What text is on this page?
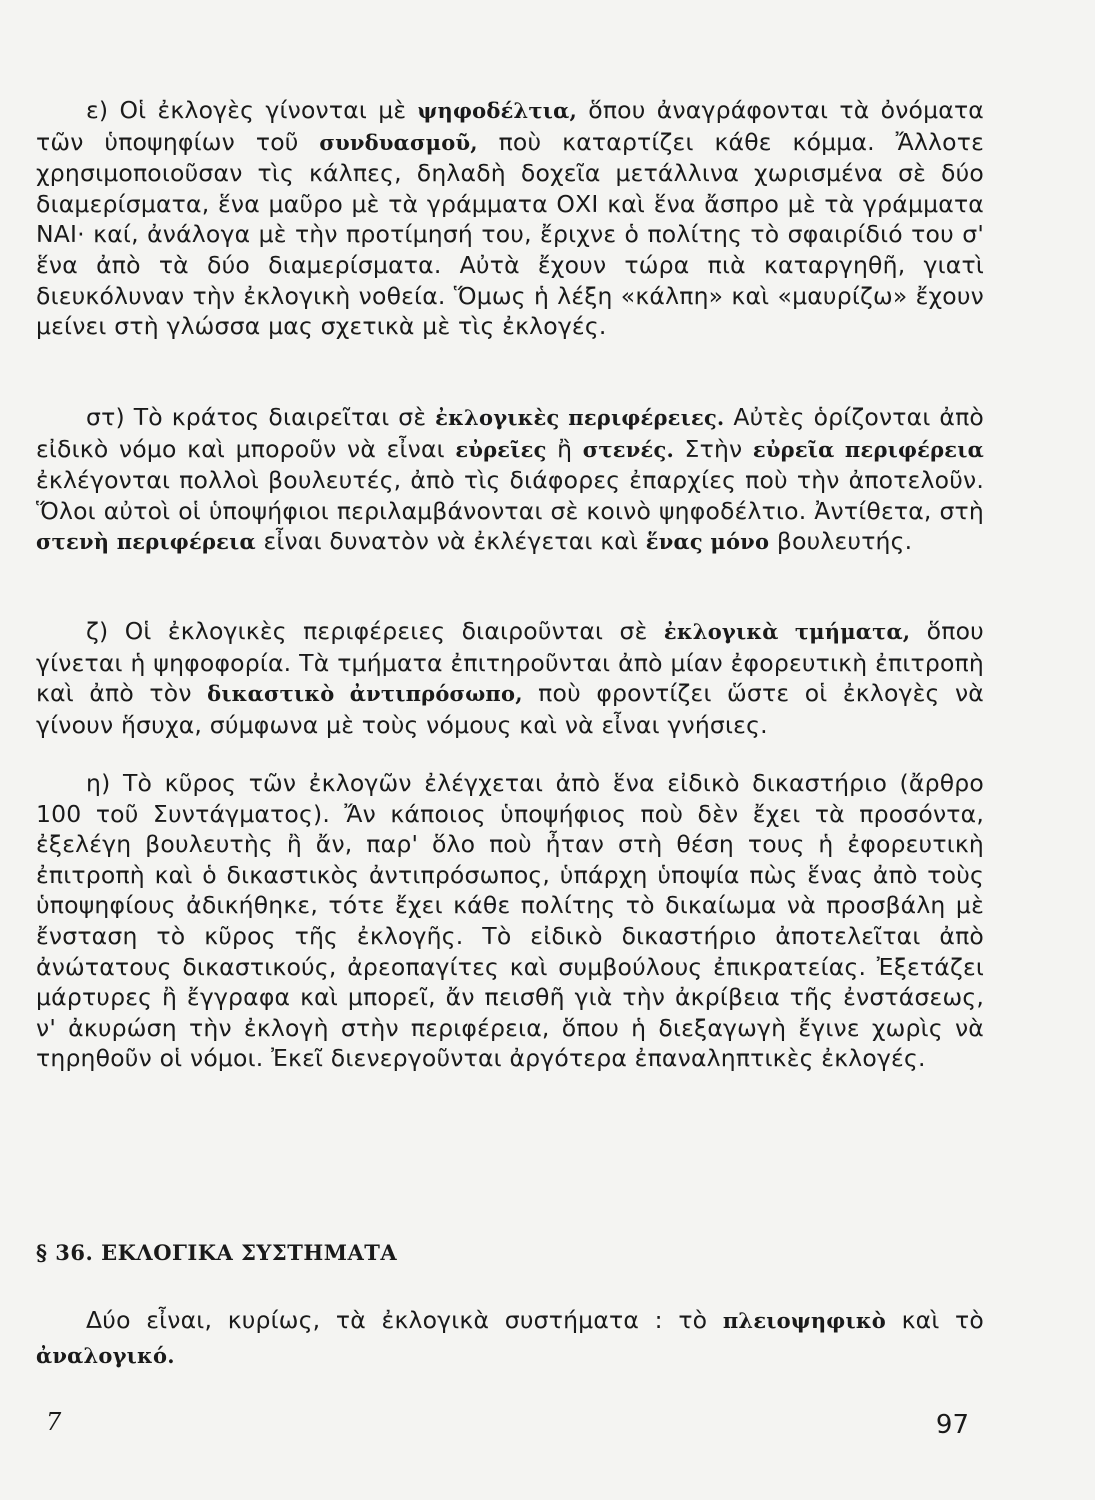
ε) Οἱ ἐκλογὲς γίνονται μὲ ψηφοδέλτια, ὅπου ἀναγράφονται τὰ ὀνόματα τῶν ὑποψηφίων τοῦ συνδυασμοῦ, ποὺ καταρτίζει κάθε κόμμα. Ἄλλοτε χρησιμοποιοῦσαν τὶς κάλπες, δηλαδὴ δοχεῖα μετάλλινα χωρισμένα σὲ δύο διαμερίσματα, ἕνα μαῦρο μὲ τὰ γράμματα ΟΧΙ καὶ ἕνα ἄσπρο μὲ τὰ γράμματα ΝΑΙ· καί, ἀνάλογα μὲ τὴν προτίμησή του, ἔριχνε ὁ πολίτης τὸ σφαιρίδιό του σ' ἕνα ἀπὸ τὰ δύο διαμερίσματα. Αὐτὰ ἔχουν τώρα πιὰ καταργηθῆ, γιατὶ διευκόλυναν τὴν ἐκλογικὴ νοθεία. Ὅμως ἡ λέξη «κάλπη» καὶ «μαυρίζω» ἔχουν μείνει στὴ γλώσσα μας σχετικὰ μὲ τὶς ἐκλογές.

στ) Τὸ κράτος διαιρεῖται σὲ ἐκλογικὲς περιφέρειες. Αὐτὲς ὁρίζονται ἀπὸ εἰδικὸ νόμο καὶ μποροῦν νὰ εἶναι εὐρεῖες ἢ στενές. Στὴν εὐρεῖα περιφέρεια ἐκλέγονται πολλοὶ βουλευτές, ἀπὸ τὶς διάφορες ἐπαρχίες ποὺ τὴν ἀποτελοῦν. Ὅλοι αὐτοὶ οἱ ὑποψήφιοι περιλαμβάνονται σὲ κοινὸ ψηφοδέλτιο. Ἀντίθετα, στὴ στενὴ περιφέρεια εἶναι δυνατὸν νὰ ἐκλέγεται καὶ ἕνας μόνο βουλευτής.

ζ) Οἱ ἐκλογικὲς περιφέρειες διαιροῦνται σὲ ἐκλογικὰ τμήματα, ὅπου γίνεται ἡ ψηφοφορία. Τὰ τμήματα ἐπιτηροῦνται ἀπὸ μίαν ἐφορευτικὴ ἐπιτροπὴ καὶ ἀπὸ τὸν δικαστικὸ ἀντιπρόσωπο, ποὺ φροντίζει ὥστε οἱ ἐκλογὲς νὰ γίνουν ἥσυχα, σύμφωνα μὲ τοὺς νόμους καὶ νὰ εἶναι γνήσιες.

η) Τὸ κῦρος τῶν ἐκλογῶν ἐλέγχεται ἀπὸ ἕνα εἰδικὸ δικαστήριο (ἄρθρο 100 τοῦ Συντάγματος). Ἄν κάποιος ὑποψήφιος ποὺ δὲν ἔχει τὰ προσόντα, ἐξελέγη βουλευτὴς ἢ ἄν, παρ' ὅλο ποὺ ἦταν στὴ θέση τους ἡ ἐφορευτικὴ ἐπιτροπὴ καὶ ὁ δικαστικὸς ἀντιπρόσωπος, ὑπάρχη ὑποψία πὼς ἕνας ἀπὸ τοὺς ὑποψηφίους ἀδικήθηκε, τότε ἔχει κάθε πολίτης τὸ δικαίωμα νὰ προσβάλη μὲ ἔνσταση τὸ κῦρος τῆς ἐκλογῆς. Τὸ εἰδικὸ δικαστήριο ἀποτελεῖται ἀπὸ ἀνώτατους δικαστικούς, ἀρεοπαγίτες καὶ συμβούλους ἐπικρατείας. Ἐξετάζει μάρτυρες ἢ ἔγγραφα καὶ μπορεῖ, ἄν πεισθῆ γιὰ τὴν ἀκρίβεια τῆς ἐνστάσεως, ν' ἀκυρώση τὴν ἐκλογὴ στὴν περιφέρεια, ὅπου ἡ διεξαγωγὴ ἔγινε χωρὶς νὰ τηρηθοῦν οἱ νόμοι. Ἐκεῖ διενεργοῦνται ἀργότερα ἐπαναληπτικὲς ἐκλογές.

§ 36. ΕΚΛΟΓΙΚΑ ΣΥΣΤΗΜΑΤΑ

Δύο εἶναι, κυρίως, τὰ ἐκλογικὰ συστήματα : τὸ πλειοψηφικὸ καὶ τὸ ἀναλογικό.

7	97
